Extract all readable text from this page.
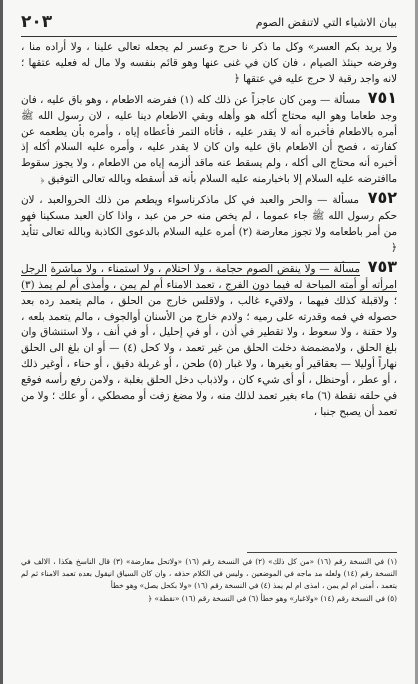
٢٠٣	بيان الاشياء التي لاتنقض الصوم

ولا يريد بكم العسر» وكل ما ذكر نا حرج وعسر لم يجعله تعالى علينا ، ولا أراده منا ، وفرضه حينئذ الصيام ، فان كان في غنى عنها وهو قائم بنفسه ولا مال له فعليه عتقها ؛ لانه واجد رقبة لا حرج عليه في عتقها ﴿

٧٥١ مسألة — ومن كان عاجزاً عن ذلك كله (١) ففرضه الاطعام ، وهو باق عليه ، فان وجد طعاما وهو اليه محتاج أكله هو وأهله وبقي الاطعام دينا عليه ، لان رسول الله ﷺ أمره بالاطعام فأخبره أنه لا يقدر عليه ، فأتاه التمر فأعطاه إياه ، وأمره بأن يطعمه عن كفارته ، فصح أن الاطعام باق عليه وان كان لا يقدر عليه ، وأمره عليه السلام أكله إذ أخبره أنه محتاج الى أكله ، ولم يسقط عنه ماقد ألزمه إياه من الاطعام ، ولا يجوز سقوط ماافترضه عليه السلام إلا باخبارمنه عليه السلام بأنه قد أسقطه وبالله تعالى التوفيق ﴿

٧٥٢ مسألة — والحر والعبد في كل ماذكرناسواء ويطعم من ذلك الحروالعبد ، لان حكم رسول الله ﷺ جاء عموما ، لم يخص منه حر من عبد ، واذا كان العبد مسكينا فهو من أمر باطعامه ولا تجوز معارضة (٢) أمره عليه السلام بالدعوى الكاذبة وبالله تعالى تتأيد ﴿

٧٥٣ مسألة — ولا ينقض الصوم حجامة ، ولا احتلام ، ولا استمناء ، ولا مباشرة الرجل امرأته أو أمته المباحة له فيما دون الفرج ، تعمد الامناء أم لم يمن ، وأمذى أم لم يمذ (٣) ؛ ولاقبلة كذلك فيهما ، ولاقيء غالب ، ولاقلس خارج من الحلق ، مالم يتعمد رده بعد حصوله في فمه وقدرته على رميه ؛ ولادم خارج من الأسنان أوالجوف ، مالم يتعمد بلعه ، ولا حقنة ، ولا سعوط ، ولا تقطير في أذن ، أو في إحليل ، أو في أنف ، ولا استنشاق وان بلغ الحلق ، ولامضمضة دخلت الحلق من غير تعمد ، ولا كحل (٤) — أو ان بلغ الى الحلق نهاراً أوليلا — بعقاقير أو بغيرها ، ولا غبار (٥) طحن ، أو غربلة دقيق ، أو حناء ، أوغير ذلك ، أو عطر ، أوحنظل ، أو أى شيء كان ، ولاذباب دخل الحلق بغلبة ، ولامن رفع رأسه فوقع في حلقه نقطة (٦) ماء بغير تعمد لذلك منه ، ولا مضغ زفت أو مصطكي ، أو علك ؛ ولا من تعمد أن يصبح جنبا ،

(١) في النسخة رقم (١٦) «من كل ذلك» (٢) في النسخة رقم (١٦) «ولاتحل معارضة» (٣) قال الناسخ هكذا ، الالف في النسخة رقم (١٤) ولعله مد ماجه في الموضعين ، وليس في الكلام حذفه ، وان كان السياق انيقول بعده تعمد الامناء ثم لم يتعمد ، أمنى ام لم يمن ، امذى ام لم يمذ (٤) في النسخة رقم (١٦) «ولا بكحل يصل» وهو خطأ

(٥) في النسخة رقم (١٤) «ولاغبار» وهو خطأ (٦) في النسخة رقم (١٦) «نقطة» ﴿
